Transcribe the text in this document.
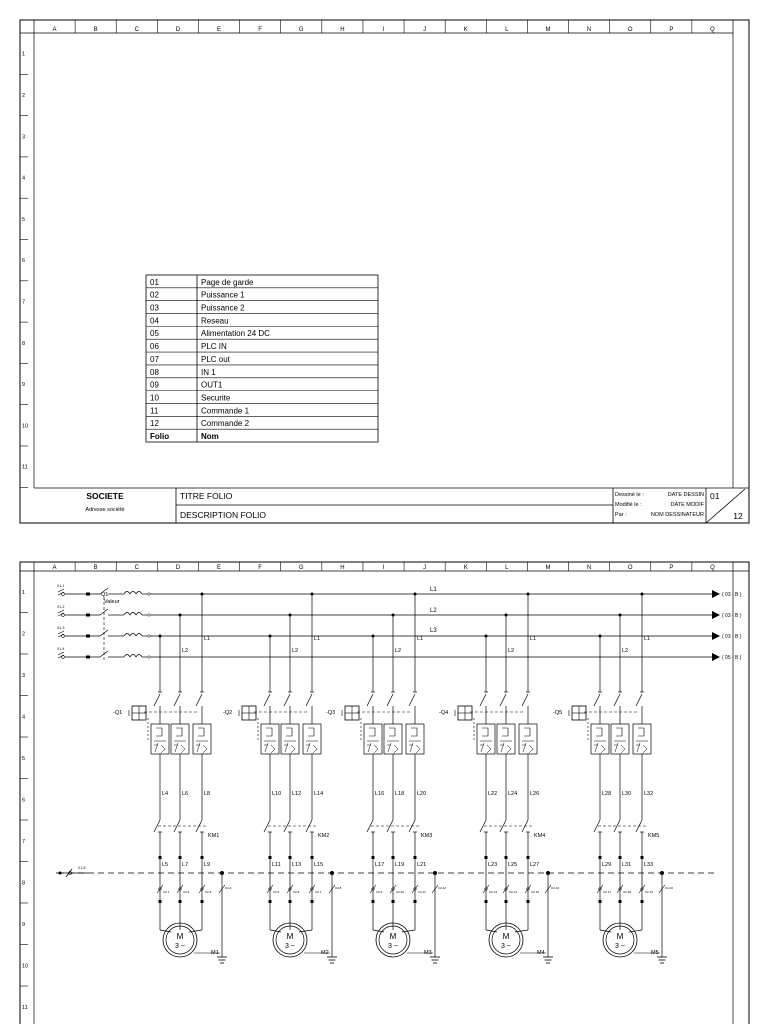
A	B	C	D	E	F	G	H	I	J	K	L	M	N	O	P	Q
1
2
3
4
5
6
7
8
9
10
11
01	Page de garde
02	Puissance 1
03	Puissance 2
04	Reseau
05	Alimentation 24 DC
06	PLC IN
07	PLC out
08	IN 1
09	OUT1
10	Securite
11	Commande 1
12	Commande 2
Folio	Nom
SOCIETE
Adresse société
TITRE FOLIO
DESCRIPTION FOLIO
Dessiné le :	DATE DESSIN
Modifié le :	DATE MODIF
Par :	NOM DESSINATEUR
01
12
A	B	C	D	E	F	G	H	I	J	K	L	M	N	O	P	Q
1
2
3
4
5
6
7
8
9
10
11
X1-1
( 03 - B )
X1-2
( 03 - B )
X1-3
( 03 - B )
X1-4
( 05 - B )
Q1
Valeur
L1
L2
L3
X1-5
L2
L1
-Q1
L4	L6	L8
KM1
L5	L7	L9
X2-1	X2-2	X2-3
X2-4
M
3 ~
M1
L2
L1
-Q2
L10 L12 L14
KM2
L11 L13 L15
X2-5	X2-6	X2-7
X2-8
M
3 ~
M2
L2
L1
-Q3
L16 L18 L20
KM3
L17 L19 L21
X2-9	X2-10	X2-11
X2-12
M
3 ~
M3
L2
L1
-Q4
L22 L24 L26
KM4
L23 L25 L27
X2-13	X2-14	X2-15
X2-16
M
3 ~
M4
L2
L1
-Q5
L28 L30 L32
KM5
L29 L31 L33
X2-17	X2-18	X2-19
X2-20
M
3 ~
M5
